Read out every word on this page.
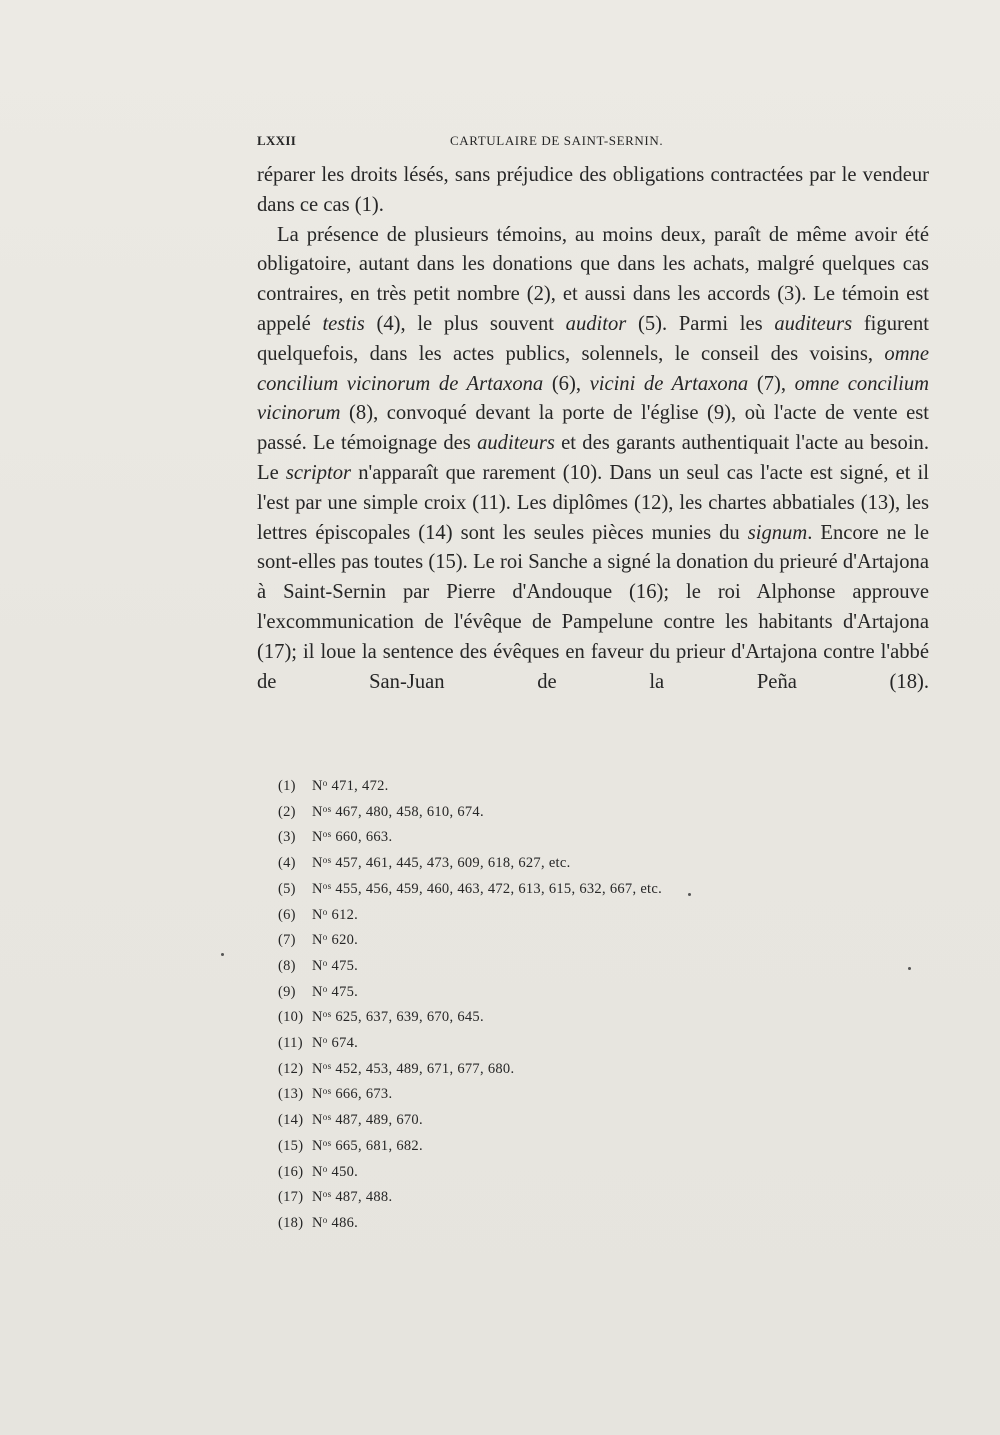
LXXII	CARTULAIRE DE SAINT-SERNIN.

réparer les droits lésés, sans préjudice des obligations contractées par le vendeur dans ce cas (1).

La présence de plusieurs témoins, au moins deux, paraît de même avoir été obligatoire, autant dans les donations que dans les achats, malgré quelques cas contraires, en très petit nombre (2), et aussi dans les accords (3). Le témoin est appelé testis (4), le plus souvent auditor (5). Parmi les auditeurs figurent quelquefois, dans les actes publics, solennels, le conseil des voisins, omne concilium vicinorum de Artaxona (6), vicini de Artaxona (7), omne concilium vicinorum (8), convoqué devant la porte de l'église (9), où l'acte de vente est passé. Le témoignage des auditeurs et des garants authentiquait l'acte au besoin. Le scriptor n'apparaît que rarement (10). Dans un seul cas l'acte est signé, et il l'est par une simple croix (11). Les diplômes (12), les chartes abbatiales (13), les lettres épiscopales (14) sont les seules pièces munies du signum. Encore ne le sont-elles pas toutes (15). Le roi Sanche a signé la donation du prieuré d'Artajona à Saint-Sernin par Pierre d'Andouque (16); le roi Alphonse approuve l'excommunication de l'évêque de Pampelune contre les habitants d'Artajona (17); il loue la sentence des évêques en faveur du prieur d'Artajona contre l'abbé de San-Juan de la Peña (18).

(1) $N^o$ 471, 472.
(2) $N^{os}$ 467, 480, 458, 610, 674.
(3) $N^{os}$ 660, 663.
(4) $N^{os}$ 457, 461, 445, 473, 609, 618, 627, etc.
(5) $N^{os}$ 455, 456, 459, 460, 463, 472, 613, 615, 632, 667, etc.
(6) $N^o$ 612.
(7) $N^o$ 620.
(8) $N^o$ 475.
(9) $N^o$ 475.
(10) $N^{os}$ 625, 637, 639, 670, 645.
(11) $N^o$ 674.
(12) $N^{os}$ 452, 453, 489, 671, 677, 680.
(13) $N^{os}$ 666, 673.
(14) $N^{os}$ 487, 489, 670.
(15) $N^{os}$ 665, 681, 682.
(16) $N^o$ 450.
(17) $N^{os}$ 487, 488.
(18) $N^o$ 486.
